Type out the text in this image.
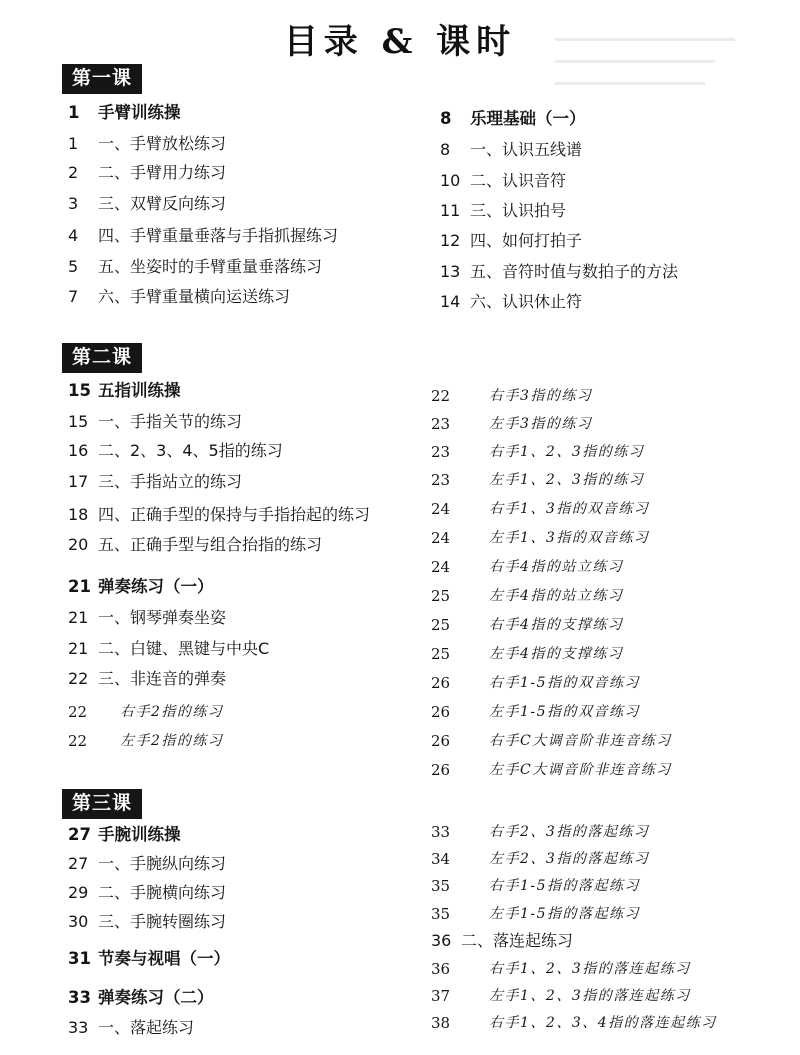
目录 & 课时
第一课
第二课
第三课
1 手臂训练操
1 一、手臂放松练习
2 二、手臂用力练习
3 三、双臂反向练习
4 四、手臂重量垂落与手指抓握练习
5 五、坐姿时的手臂重量垂落练习
7 六、手臂重量横向运送练习
15 五指训练操
15 一、手指关节的练习
16 二、2、3、4、5指的练习
17 三、手指站立的练习
18 四、正确手型的保持与手指抬起的练习
20 五、正确手型与组合抬指的练习
21 弹奏练习（一）
21 一、钢琴弹奏坐姿
21 二、白键、黑键与中央C
22 三、非连音的弹奏
22 右手2指的练习
22 左手2指的练习
27 手腕训练操
27 一、手腕纵向练习
29 二、手腕横向练习
30 三、手腕转圈练习
31 节奏与视唱（一）
33 弹奏练习（二）
33 一、落起练习
8 乐理基础（一）
8 一、认识五线谱
10 二、认识音符
11 三、认识拍号
12 四、如何打拍子
13 五、音符时值与数拍子的方法
14 六、认识休止符
22	右手3指的练习
23	左手3指的练习
23	右手1、2、3指的练习
23	左手1、2、3指的练习
24	右手1、3指的双音练习
24	左手1、3指的双音练习
24	右手4指的站立练习
25	左手4指的站立练习
25	右手4指的支撑练习
25	左手4指的支撑练习
26	右手1-5指的双音练习
26	左手1-5指的双音练习
26	右手C大调音阶非连音练习
26	左手C大调音阶非连音练习
33	右手2、3指的落起练习
34	左手2、3指的落起练习
35	右手1-5指的落起练习
35	左手1-5指的落起练习
36 二、落连起练习
36	右手1、2、3指的落连起练习
37	左手1、2、3指的落连起练习
38	右手1、2、3、4指的落连起练习
